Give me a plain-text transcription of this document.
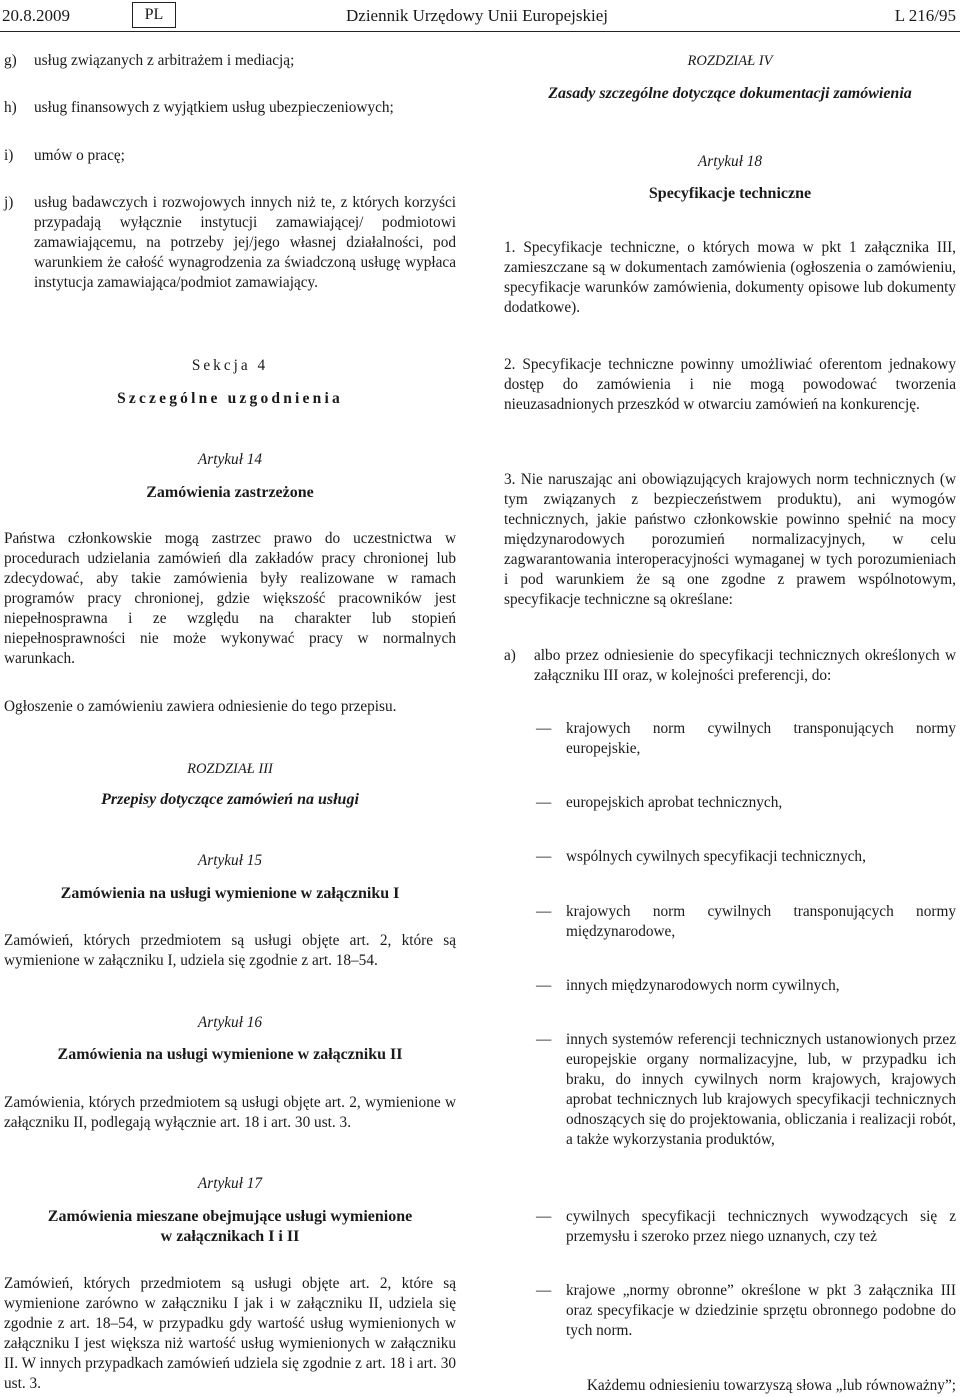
20.8.2009	PL	Dziennik Urzędowy Unii Europejskiej	L 216/95
g) usług związanych z arbitrażem i mediacją;
h) usług finansowych z wyjątkiem usług ubezpieczeniowych;
i) umów o pracę;
j) usług badawczych i rozwojowych innych niż te, z których korzyści przypadają wyłącznie instytucji zamawiającej/ podmiotowi zamawiającemu, na potrzeby jej/jego własnej działalności, pod warunkiem że całość wynagrodzenia za świadczoną usługę wypłaca instytucja zamawiająca/podmiot zamawiający.
Sekcja 4
Szczególne uzgodnienia
Artykuł 14
Zamówienia zastrzeżone
Państwa członkowskie mogą zastrzec prawo do uczestnictwa w procedurach udzielania zamówień dla zakładów pracy chronionej lub zdecydować, aby takie zamówienia były realizowane w ramach programów pracy chronionej, gdzie większość pracowników jest niepełnosprawna i ze względu na charakter lub stopień niepełnosprawności nie może wykonywać pracy w normalnych warunkach.
Ogłoszenie o zamówieniu zawiera odniesienie do tego przepisu.
ROZDZIAŁ III
Przepisy dotyczące zamówień na usługi
Artykuł 15
Zamówienia na usługi wymienione w załączniku I
Zamówień, których przedmiotem są usługi objęte art. 2, które są wymienione w załączniku I, udziela się zgodnie z art. 18–54.
Artykuł 16
Zamówienia na usługi wymienione w załączniku II
Zamówienia, których przedmiotem są usługi objęte art. 2, wymienione w załączniku II, podlegają wyłącznie art. 18 i art. 30 ust. 3.
Artykuł 17
Zamówienia mieszane obejmujące usługi wymienione
w załącznikach I i II
Zamówień, których przedmiotem są usługi objęte art. 2, które są wymienione zarówno w załączniku I jak i w załączniku II, udziela się zgodnie z art. 18–54, w przypadku gdy wartość usług wymienionych w załączniku I jest większa niż wartość usług wymienionych w załączniku II. W innych przypadkach zamówień udziela się zgodnie z art. 18 i art. 30 ust. 3.
ROZDZIAŁ IV
Zasady szczególne dotyczące dokumentacji zamówienia
Artykuł 18
Specyfikacje techniczne
1. Specyfikacje techniczne, o których mowa w pkt 1 załącznika III, zamieszczane są w dokumentach zamówienia (ogłoszenia o zamówieniu, specyfikacje warunków zamówienia, dokumenty opisowe lub dokumenty dodatkowe).
2. Specyfikacje techniczne powinny umożliwiać oferentom jednakowy dostęp do zamówienia i nie mogą powodować tworzenia nieuzasadnionych przeszkód w otwarciu zamówień na konkurencję.
3. Nie naruszając ani obowiązujących krajowych norm technicznych (w tym związanych z bezpieczeństwem produktu), ani wymogów technicznych, jakie państwo członkowskie powinno spełnić na mocy międzynarodowych porozumień normalizacyjnych, w celu zagwarantowania interoperacyjności wymaganej w tych porozumieniach i pod warunkiem że są one zgodne z prawem wspólnotowym, specyfikacje techniczne są określane:
a) albo przez odniesienie do specyfikacji technicznych określonych w załączniku III oraz, w kolejności preferencji, do:
— krajowych norm cywilnych transponujących normy europejskie,
— europejskich aprobat technicznych,
— wspólnych cywilnych specyfikacji technicznych,
— krajowych norm cywilnych transponujących normy międzynarodowe,
— innych międzynarodowych norm cywilnych,
— innych systemów referencji technicznych ustanowionych przez europejskie organy normalizacyjne, lub, w przypadku ich braku, do innych cywilnych norm krajowych, krajowych aprobat technicznych lub krajowych specyfikacji technicznych odnoszących się do projektowania, obliczania i realizacji robót, a także wykorzystania produktów,
— cywilnych specyfikacji technicznych wywodzących się z przemysłu i szeroko przez niego uznanych, czy też
— krajowe „normy obronne” określone w pkt 3 załącznika III oraz specyfikacje w dziedzinie sprzętu obronnego podobne do tych norm.
Każdemu odniesieniu towarzyszą słowa „lub równoważny”;
